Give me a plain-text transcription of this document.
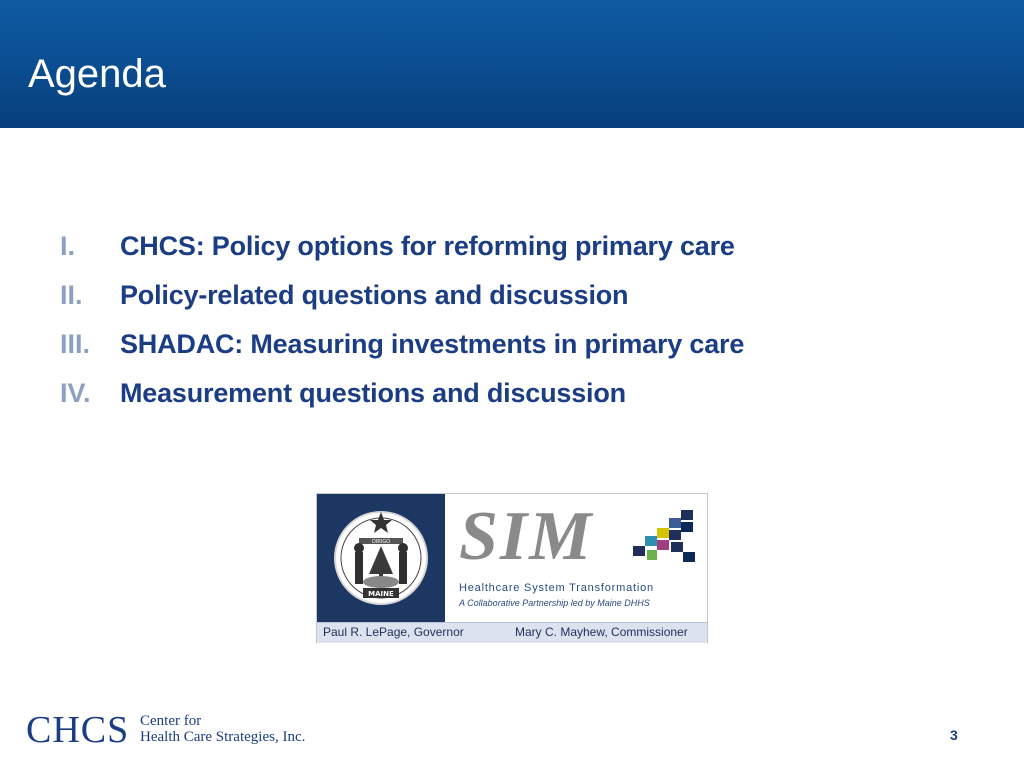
Agenda
I.	CHCS: Policy options for reforming primary care
II.	Policy-related questions and discussion
III.	SHADAC: Measuring investments in primary care
IV.	Measurement questions and discussion
DIRIGO
MAINE
SIM
Healthcare System Transformation
A Collaborative Partnership led by Maine DHHS
Paul R. LePage, Governor	Mary C. Mayhew, Commissioner
CHCS Center for
Health Care Strategies, Inc.	3
